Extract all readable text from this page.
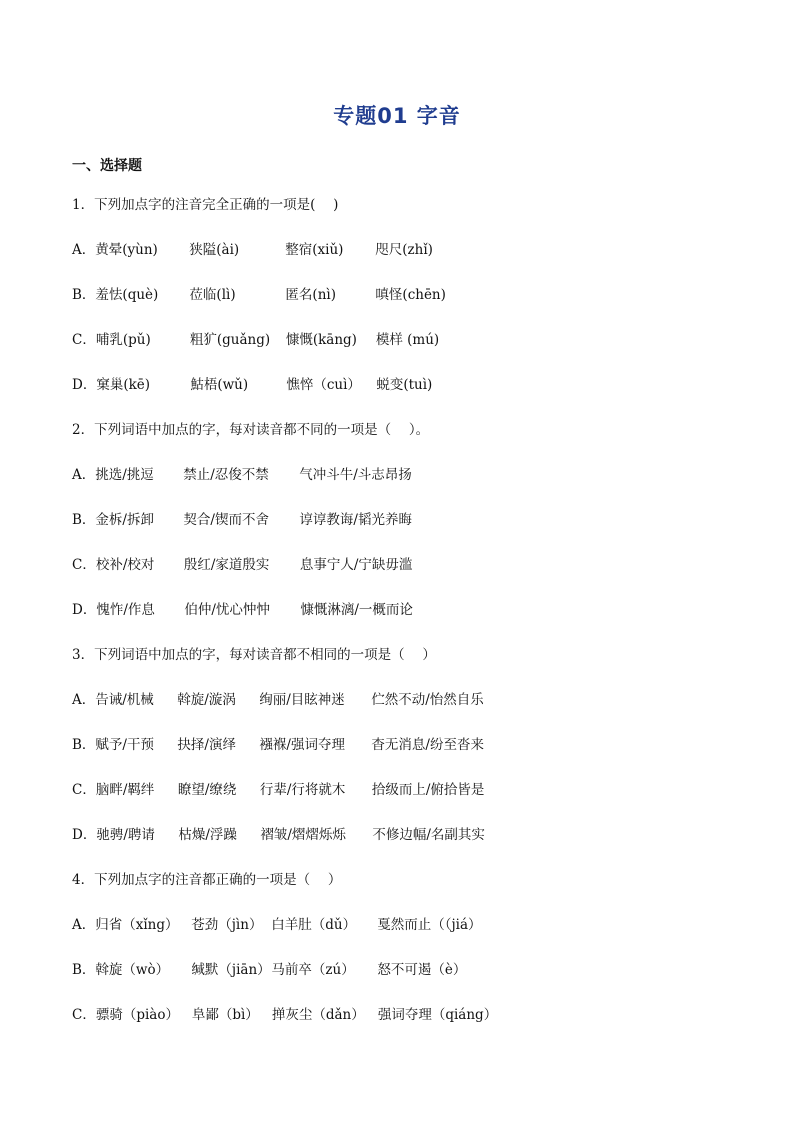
专题01 字音
一、选择题
1．下列加点字的注音完全正确的一项是(　 )
A． 黄晕(yùn)	狭隘(ài)	整宿(xiǔ)	咫尺(zhǐ)
B． 羞怯(què)	莅临(lì)	匿名(nì)	嗔怪(chēn)
C． 哺乳(pǔ)	粗犷(guǎng)	慷慨(kāng)	模样 (mú)
D． 窠巢(kē)	鮕梧(wǔ)	憔悴（cuì）	蜕变(tuì)
2．下列词语中加点的字，每对读音都不同的一项是（　 ）。
A． 挑选/挑逗	禁止/忍俊不禁	气冲斗牛/斗志昂扬
B． 金柝/拆卸	契合/锲而不舍	谆谆教诲/韬光养晦
C． 校补/校对	殷红/家道殷实	息事宁人/宁缺毋滥
D． 愧怍/作息	伯仲/忧心忡忡	慷慨淋漓/一概而论
3．下列词语中加点的字，每对读音都不相同的一项是（　 ）
A． 告诫/机械	斡旋/漩涡	绚丽/目眩神迷	伫然不动/怡然自乐
B． 赋予/干预	抉择/演绎	襁褓/强词夺理	杳无消息/纷至沓来
C． 脑畔/羁绊	瞭望/缭绕	行辈/行将就木	拾级而上/俯拾皆是
D． 驰骋/聘请	枯燥/浮躁	褶皱/熠熠烁烁	不修边幅/名副其实
4．下列加点字的注音都正确的一项是（　 ）
A． 归省（xǐng） 苍劲（jìn） 白羊肚（dǔ）	戛然而止（（jiá）
B． 斡旋（wò）	缄默（jiān） 马前卒（zú）	怒不可遏（è）
C． 骠骑（piào） 阜鄙（bì） 掸灰尘（dǎn） 强词夺理（qiáng）
